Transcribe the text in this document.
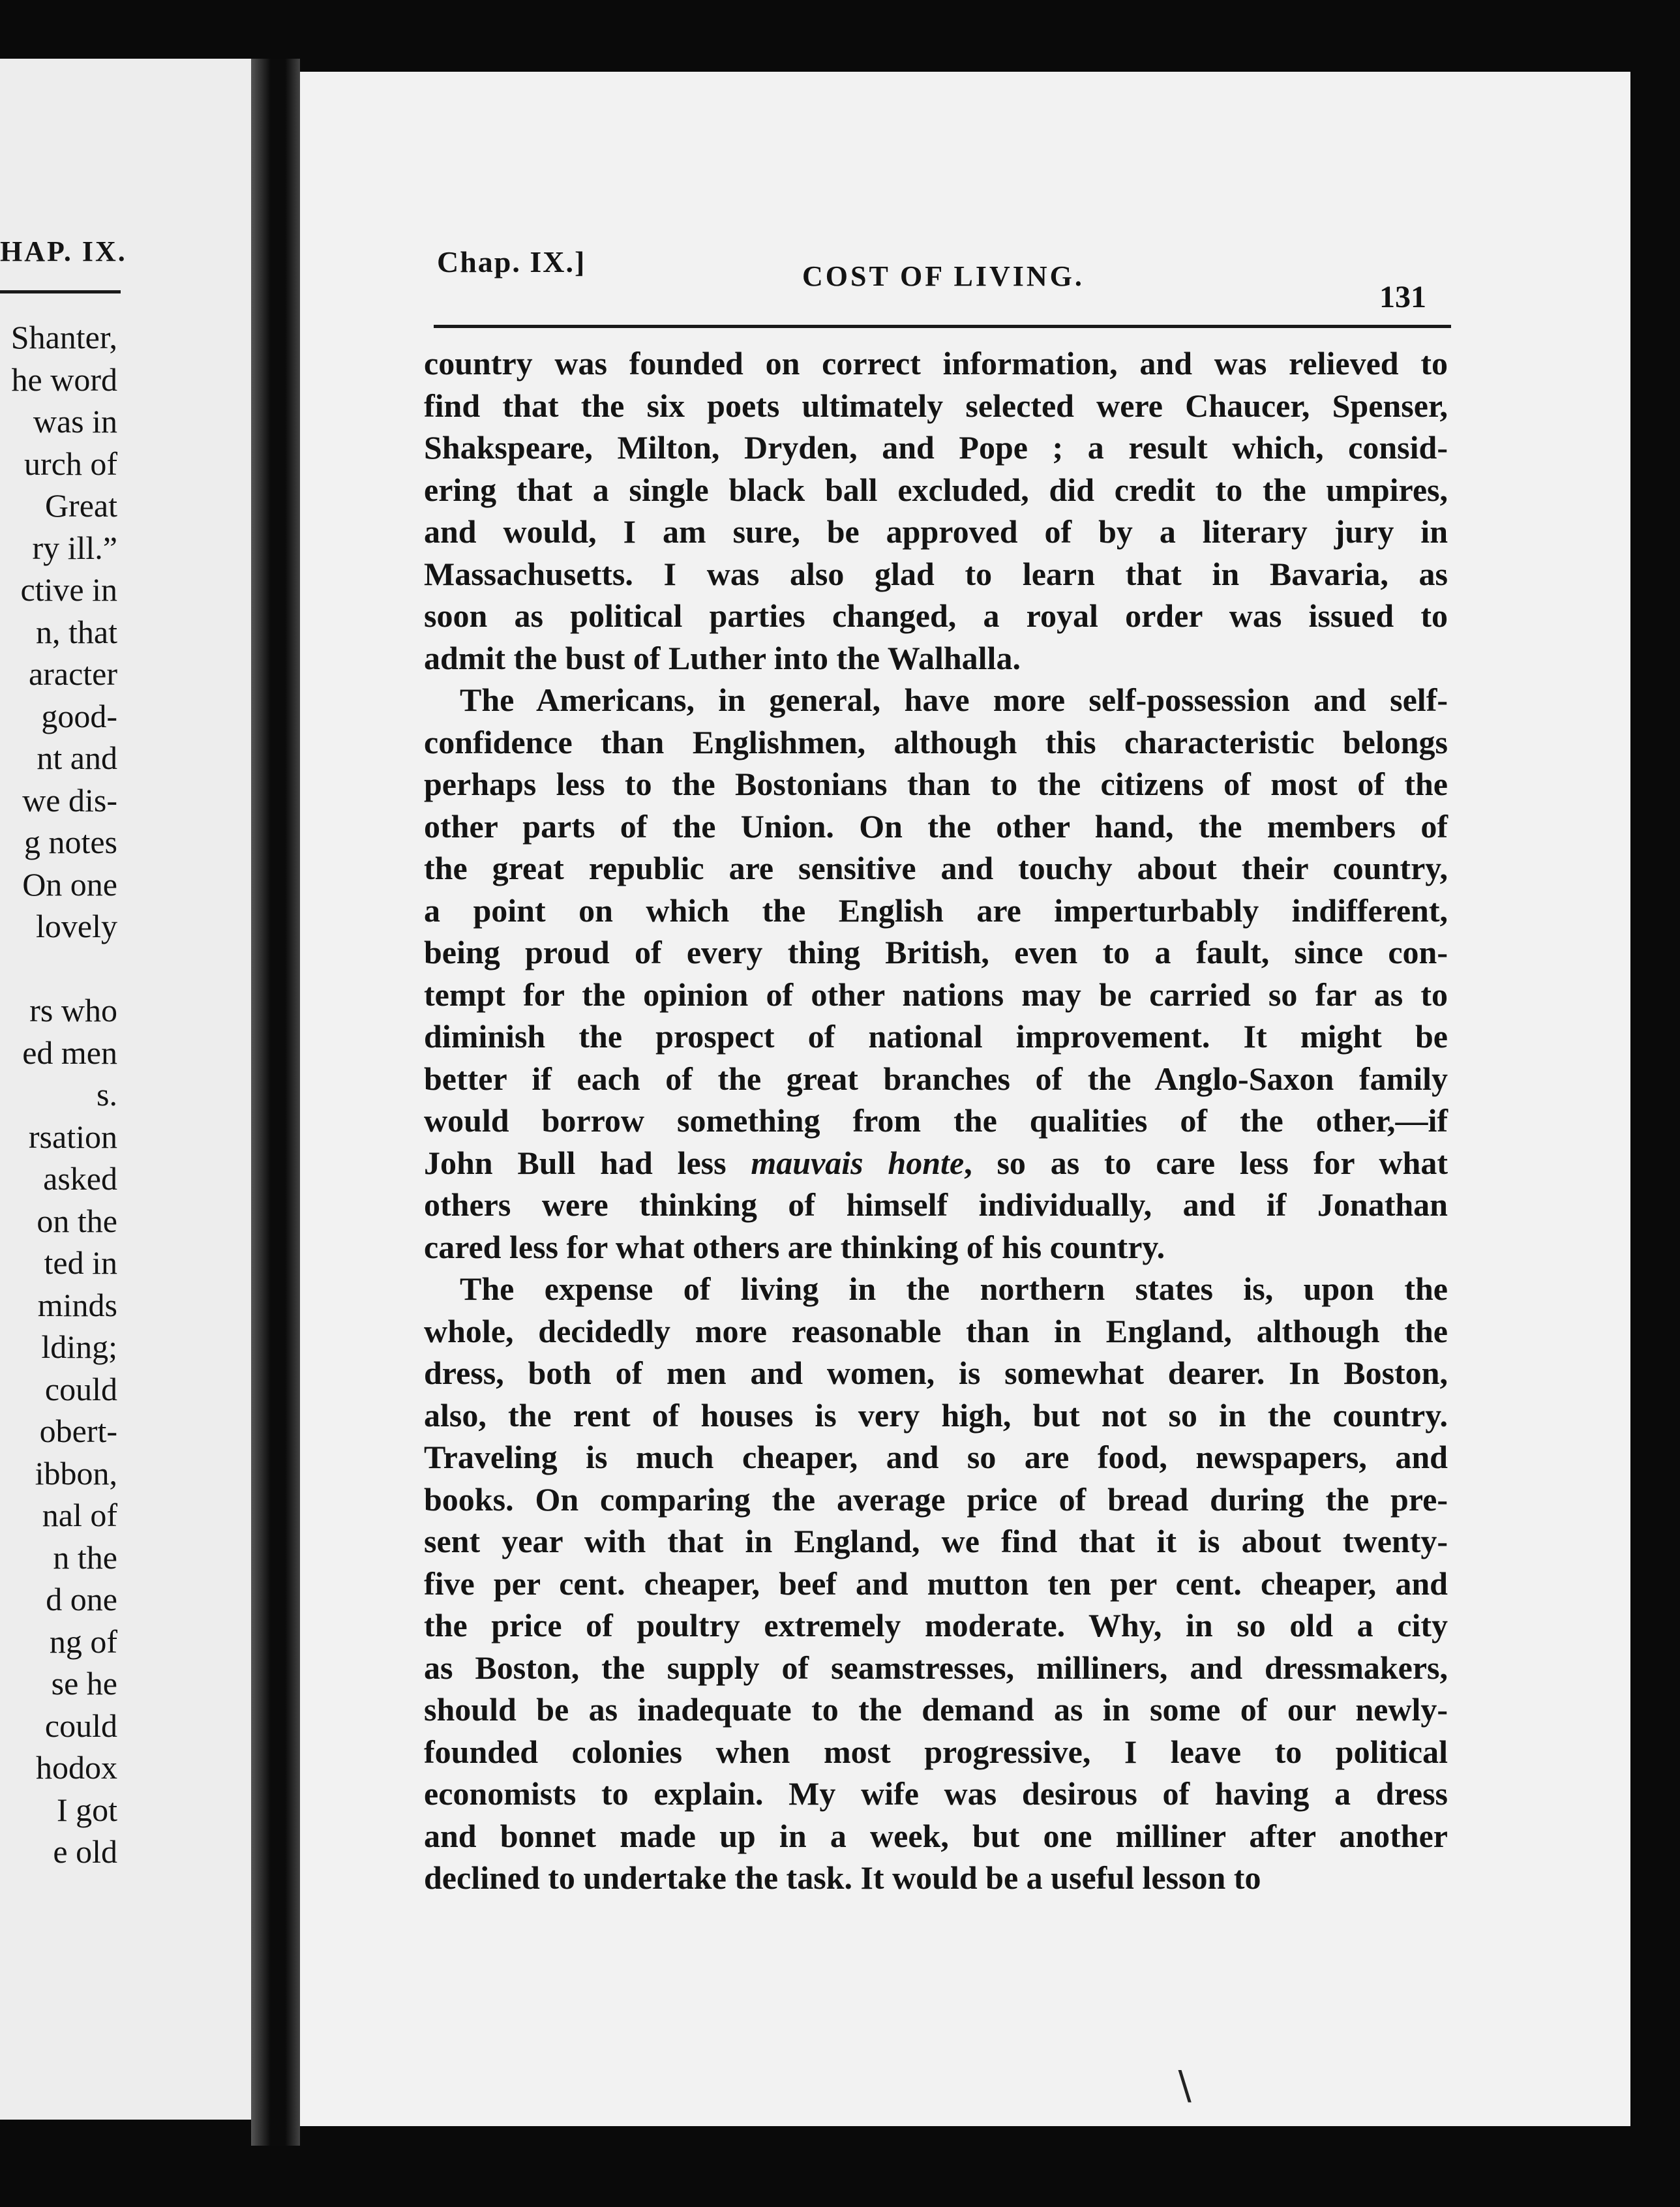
HAP. IX.
Shanter,
he word
was in
urch of
Great
ry ill.”
ctive in
n, that
aracter
good-
nt and
we dis-
g notes
On one
lovely

rs who
ed men
s.
rsation
asked
on the
ted in
minds
lding;
could
obert-
ibbon,
nal of
n the
d one
ng of
se he
could
hodox
I got
e old
Chap. IX.]	COST OF LIVING.
131
country was founded on correct information, and was relieved to
find that the six poets ultimately selected were Chaucer, Spenser,
Shakspeare, Milton, Dryden, and Pope ; a result which, consid-
ering that a single black ball excluded, did credit to the umpires,
and would, I am sure, be approved of by a literary jury in
Massachusetts. I was also glad to learn that in Bavaria, as
soon as political parties changed, a royal order was issued to
admit the bust of Luther into the Walhalla.
The Americans, in general, have more self-possession and self-
confidence than Englishmen, although this characteristic belongs
perhaps less to the Bostonians than to the citizens of most of the
other parts of the Union. On the other hand, the members of
the great republic are sensitive and touchy about their country,
a point on which the English are imperturbably indifferent,
being proud of every thing British, even to a fault, since con-
tempt for the opinion of other nations may be carried so far as to
diminish the prospect of national improvement. It might be
better if each of the great branches of the Anglo-Saxon family
would borrow something from the qualities of the other,—if
John Bull had less mauvais honte, so as to care less for what
others were thinking of himself individually, and if Jonathan
cared less for what others are thinking of his country.
The expense of living in the northern states is, upon the
whole, decidedly more reasonable than in England, although the
dress, both of men and women, is somewhat dearer. In Boston,
also, the rent of houses is very high, but not so in the country.
Traveling is much cheaper, and so are food, newspapers, and
books. On comparing the average price of bread during the pre-
sent year with that in England, we find that it is about twenty-
five per cent. cheaper, beef and mutton ten per cent. cheaper, and
the price of poultry extremely moderate. Why, in so old a city
as Boston, the supply of seamstresses, milliners, and dressmakers,
should be as inadequate to the demand as in some of our newly-
founded colonies when most progressive, I leave to political
economists to explain. My wife was desirous of having a dress
and bonnet made up in a week, but one milliner after another
declined to undertake the task. It would be a useful lesson to
∖
